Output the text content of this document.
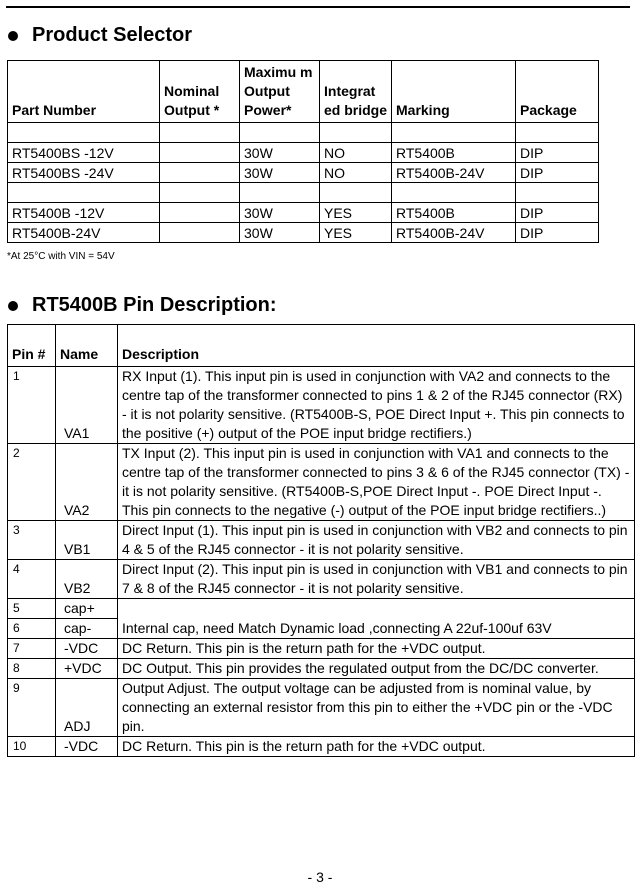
Product Selector
Part Number	Nominal Output *	Maximu m Output Power*	Integrat ed bridge	Marking	Package

RT5400BS -12V		30W	NO	RT5400B	DIP
RT5400BS -24V		30W	NO	RT5400B-24V	DIP

RT5400B -12V		30W	YES	RT5400B	DIP
RT5400B-24V		30W	YES	RT5400B-24V	DIP
*At 25°C with VIN = 54V
RT5400B Pin Description:
Pin #	Name	Description
1	VA1	RX Input (1). This input pin is used in conjunction with VA2 and connects to the centre tap of the transformer connected to pins 1 & 2 of the RJ45 connector (RX) - it is not polarity sensitive. (RT5400B-S, POE Direct Input +. This pin connects to the positive (+) output of the POE input bridge rectifiers.)
2	VA2	TX Input (2). This input pin is used in conjunction with VA1 and connects to the centre tap of the transformer connected to pins 3 & 6 of the RJ45 connector (TX) - it is not polarity sensitive. (RT5400B-S,POE Direct Input -. POE Direct Input -. This pin connects to the negative (-) output of the POE input bridge rectifiers..)
3	VB1	Direct Input (1). This input pin is used in conjunction with VB2 and connects to pin 4 & 5 of the RJ45 connector - it is not polarity sensitive.
4	VB2	Direct Input (2). This input pin is used in conjunction with VB1 and connects to pin 7 & 8 of the RJ45 connector - it is not polarity sensitive.
5	cap+	Internal cap, need Match Dynamic load ,connecting A 22uf-100uf 63V
6	cap-	
7	-VDC	DC Return. This pin is the return path for the +VDC output.
8	+VDC	DC Output. This pin provides the regulated output from the DC/DC converter.
9	ADJ	Output Adjust. The output voltage can be adjusted from is nominal value, by connecting an external resistor from this pin to either the +VDC pin or the -VDC pin.
10	-VDC	DC Return. This pin is the return path for the +VDC output.
- 3 -
